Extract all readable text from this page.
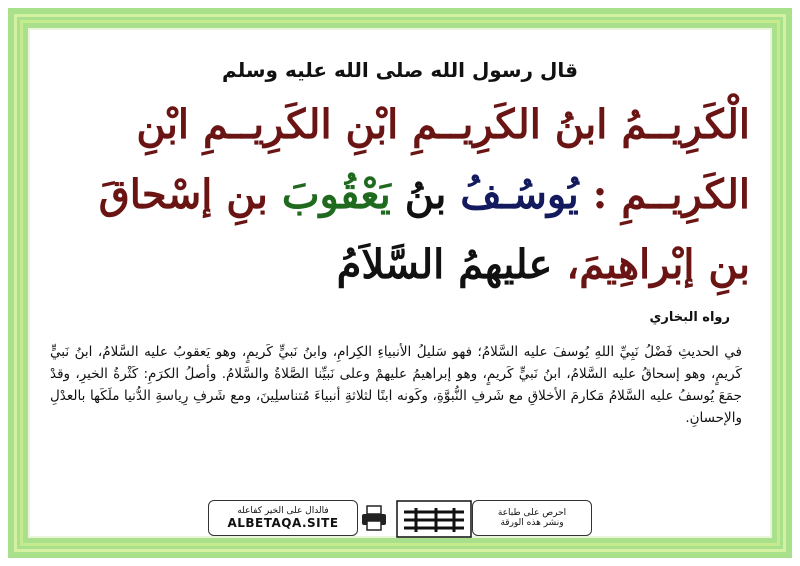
قال رسول الله صلى الله عليه وسلم

الْكَرِيــمُ ابنُ الكَرِيــمِ ابْنِ الكَرِيــمِ ابْنِ الكَرِيــمِ : يُوسُـفُ بنُ يَعْقُوبَ بنِ إسْحاقَ بنِ إبْراهِيمَ، عليهمُ السَّلاَمُ

رواه البخاري

في الحديثِ فَضْلُ نَبِيِّ اللهِ يُوسفَ عليه السَّلامُ؛ فهو سَليلُ الأنبياءِ الكِرامِ، وابنُ نَبيٍّ كَريمٍ، وهو يَعقوبُ عليه السَّلامُ، ابنُ نَبيٍّ كَريمٍ، وهو إسحاقُ عليه السَّلامُ، ابنُ نَبيٍّ كَريمٍ، وهو إبراهيمُ عليهمْ وعلى نَبيِّنا الصَّلاةُ والسَّلامُ. وأصلُ الكرَمِ: كَثْرةُ الخيرِ، وقدْ جمَعَ يُوسفُ عليه السَّلامُ مَكارمَ الأخلاقِ مع شَرفِ النُّبوَّةِ، وكَونه ابنًا لثلاثةِ أنبياءَ مُتناسلِينَ، ومع شَرفِ رِياسةِ الدُّنيا ملَكَها بالعدْلِ والإحسانِ.

فالدال على الخير كفاعله
ALBETAQA.SITE
احرص على طباعة
ونشر هذه الورقة
